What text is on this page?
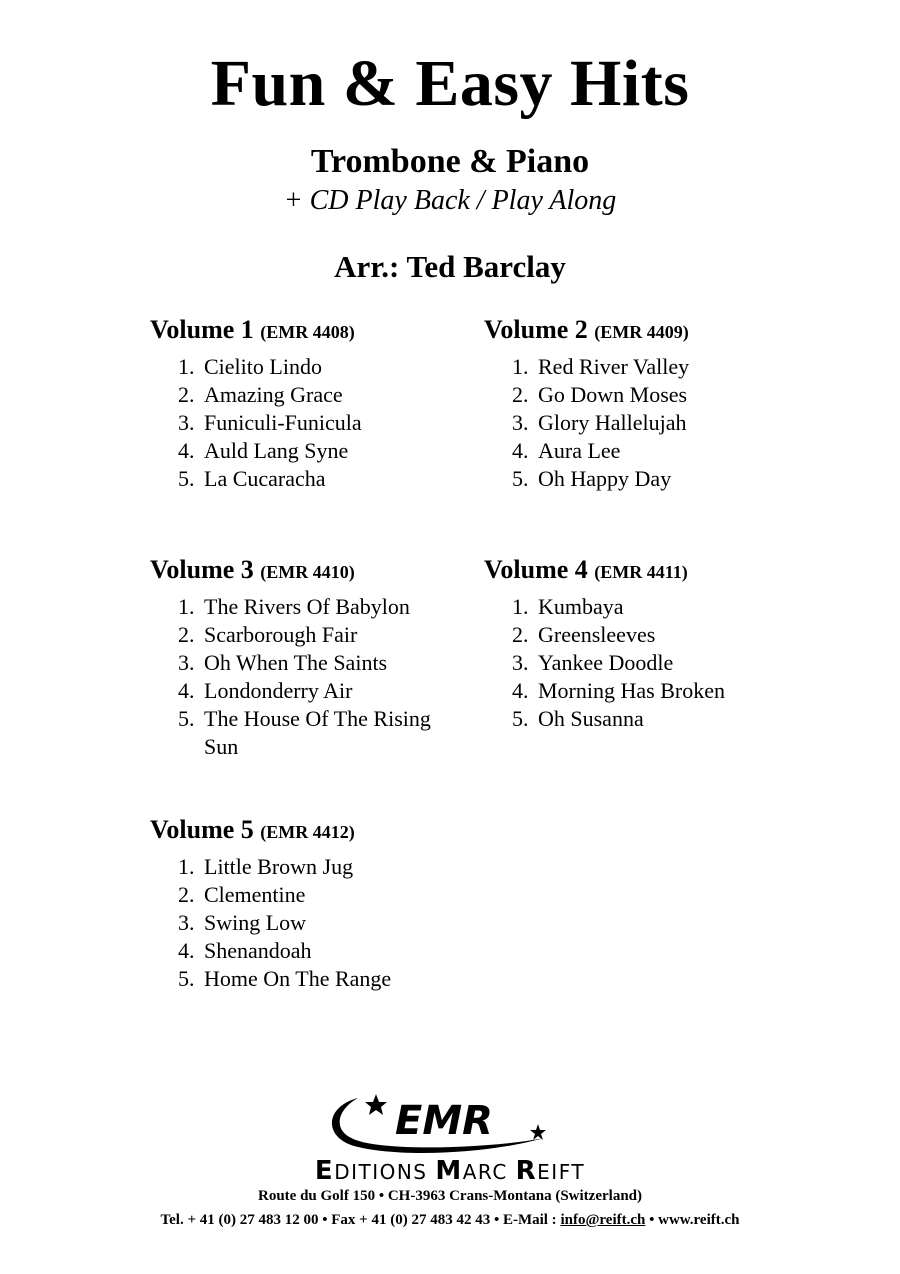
Fun & Easy Hits
Trombone & Piano
+ CD Play Back / Play Along
Arr.: Ted Barclay
Volume 1 (EMR 4408)
1. Cielito Lindo
2. Amazing Grace
3. Funiculi-Funicula
4. Auld Lang Syne
5. La Cucaracha
Volume 2 (EMR 4409)
1. Red River Valley
2. Go Down Moses
3. Glory Hallelujah
4. Aura Lee
5. Oh Happy Day
Volume 3 (EMR 4410)
1. The Rivers Of Babylon
2. Scarborough Fair
3. Oh When The Saints
4. Londonderry Air
5. The House Of The Rising Sun
Volume 4 (EMR 4411)
1. Kumbaya
2. Greensleeves
3. Yankee Doodle
4. Morning Has Broken
5. Oh Susanna
Volume 5 (EMR 4412)
1. Little Brown Jug
2. Clementine
3. Swing Low
4. Shenandoah
5. Home On The Range
EMR
EDITIONS MARC REIFT
Route du Golf 150 • CH-3963 Crans-Montana (Switzerland)
Tel. + 41 (0) 27 483 12 00 • Fax + 41 (0) 27 483 42 43 • E-Mail : info@reift.ch • www.reift.ch
